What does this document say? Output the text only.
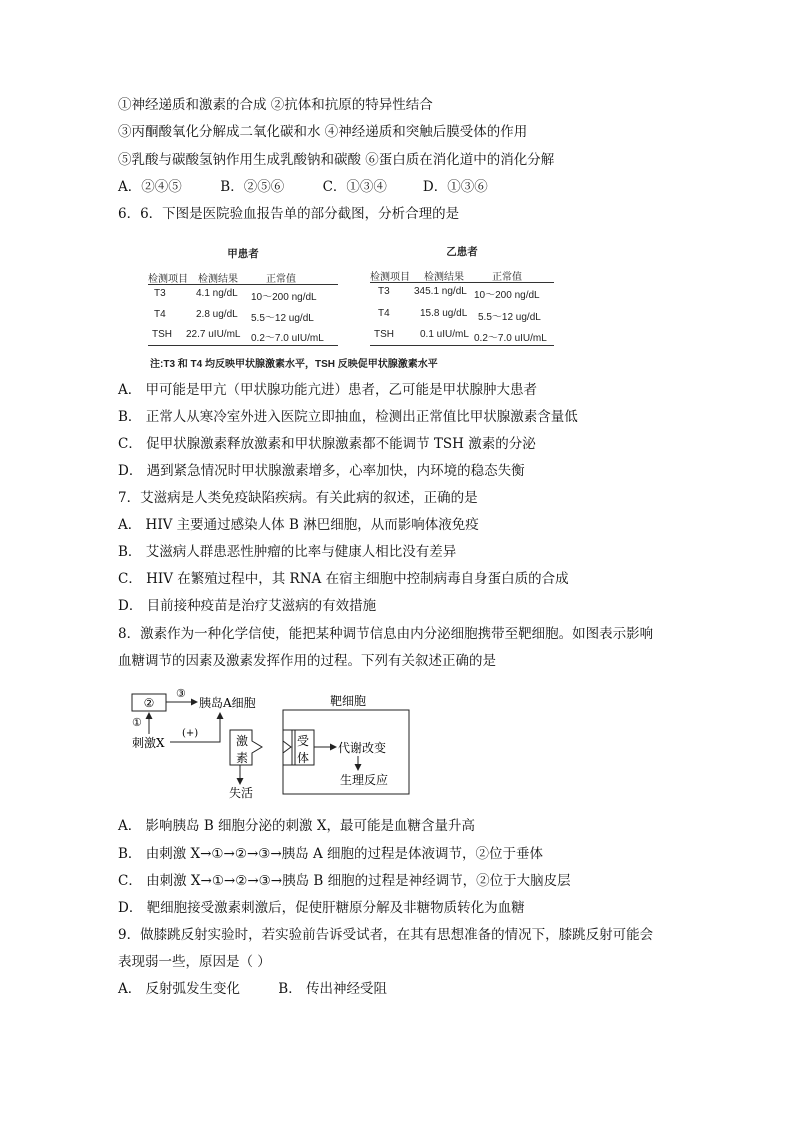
①神经递质和激素的合成 ②抗体和抗原的特异性结合
③丙酮酸氧化分解成二氧化碳和水 ④神经递质和突触后膜受体的作用
⑤乳酸与碳酸氢钠作用生成乳酸钠和碳酸 ⑥蛋白质在消化道中的消化分解
A．②④⑤	B．②⑤⑥	C．①③④	D．①③⑥
6．6．下图是医院验血报告单的部分截图，分析合理的是
甲患者
检测项目 检测结果	正常值
T3	4.1 ng/dL 10～200 ng/dL
T4	2.8 ug/dL 5.5～12 ug/dL
TSH 22.7 uIU/mL 0.2～7.0 uIU/mL
乙患者
检测项目 检测结果	正常值
T3 345.1 ng/dL 10～200 ng/dL
T4	15.8 ug/dL 5.5～12 ug/dL
TSH	0.1 uIU/mL 0.2～7.0 uIU/mL
注:T3 和 T4 均反映甲状腺激素水平，TSH 反映促甲状腺激素水平
A． 甲可能是甲亢（甲状腺功能亢进）患者，乙可能是甲状腺肿大患者
B． 正常人从寒冷室外进入医院立即抽血，检测出正常值比甲状腺激素含量低
C． 促甲状腺激素释放激素和甲状腺激素都不能调节 TSH 激素的分泌
D． 遇到紧急情况时甲状腺激素增多，心率加快，内环境的稳态失衡
7．艾滋病是人类免疫缺陷疾病。有关此病的叙述，正确的是
A． HIV 主要通过感染人体 B 淋巴细胞，从而影响体液免疫
B． 艾滋病人群患恶性肿瘤的比率与健康人相比没有差异
C． HIV 在繁殖过程中，其 RNA 在宿主细胞中控制病毒自身蛋白质的合成
D． 目前接种疫苗是治疗艾滋病的有效措施
8．激素作为一种化学信使，能把某种调节信息由内分泌细胞携带至靶细胞。如图表示影响
血糖调节的因素及激素发挥作用的过程。下列有关叙述正确的是
②
③
胰岛A细胞
①
刺激X
(+)
激
素
失活
靶细胞
受
体
代谢改变
生理反应
A． 影响胰岛 B 细胞分泌的刺激 X，最可能是血糖含量升高
B． 由刺激 X→①→②→③→胰岛 A 细胞的过程是体液调节，②位于垂体
C． 由刺激 X→①→②→③→胰岛 B 细胞的过程是神经调节，②位于大脑皮层
D． 靶细胞接受激素刺激后，促使肝糖原分解及非糖物质转化为血糖
9．做膝跳反射实验时，若实验前告诉受试者，在其有思想准备的情况下，膝跳反射可能会
表现弱一些，原因是（ ）
A． 反射弧发生变化	B． 传出神经受阻
